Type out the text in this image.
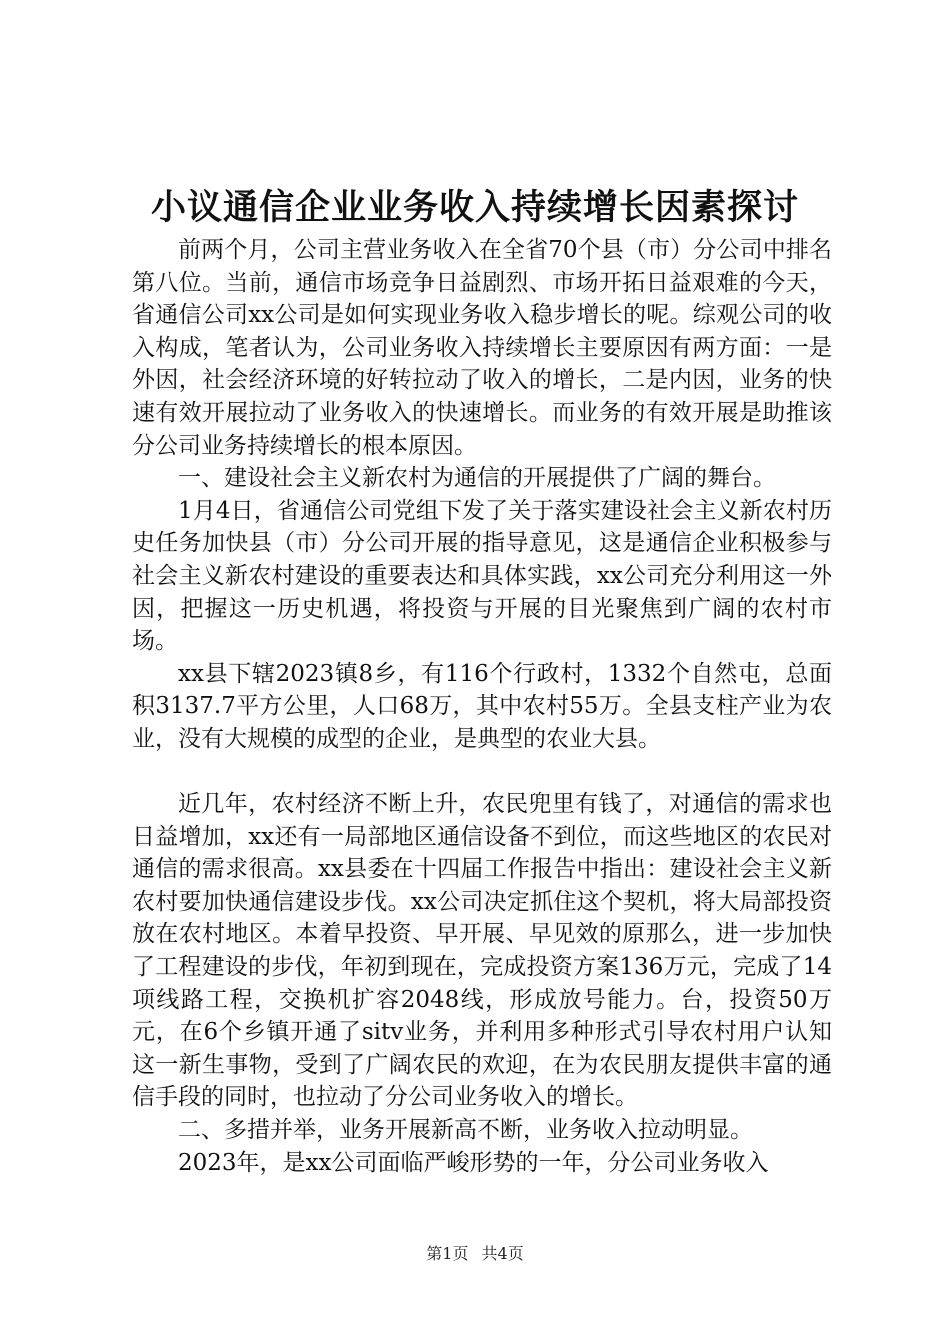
小议通信企业业务收入持续增长因素探讨

前两个月，公司主营业务收入在全省70个县（市）分公司中排名第八位。当前，通信市场竞争日益剧烈、市场开拓日益艰难的今天，省通信公司xx公司是如何实现业务收入稳步增长的呢。综观公司的收入构成，笔者认为，公司业务收入持续增长主要原因有两方面：一是外因，社会经济环境的好转拉动了收入的增长，二是内因，业务的快速有效开展拉动了业务收入的快速增长。而业务的有效开展是助推该分公司业务持续增长的根本原因。

一、建设社会主义新农村为通信的开展提供了广阔的舞台。

1月4日，省通信公司党组下发了关于落实建设社会主义新农村历史任务加快县（市）分公司开展的指导意见，这是通信企业积极参与社会主义新农村建设的重要表达和具体实践，xx公司充分利用这一外因，把握这一历史机遇，将投资与开展的目光聚焦到广阔的农村市场。

xx县下辖2023镇8乡，有116个行政村，1332个自然屯，总面积3137.7平方公里，人口68万，其中农村55万。全县支柱产业为农业，没有大规模的成型的企业，是典型的农业大县。

近几年，农村经济不断上升，农民兜里有钱了，对通信的需求也日益增加，xx还有一局部地区通信设备不到位，而这些地区的农民对通信的需求很高。xx县委在十四届工作报告中指出：建设社会主义新农村要加快通信建设步伐。xx公司决定抓住这个契机，将大局部投资放在农村地区。本着早投资、早开展、早见效的原那么，进一步加快了工程建设的步伐，年初到现在，完成投资方案136万元，完成了14项线路工程，交换机扩容2048线，形成放号能力。台，投资50万元，在6个乡镇开通了sitv业务，并利用多种形式引导农村用户认知这一新生事物，受到了广阔农民的欢迎，在为农民朋友提供丰富的通信手段的同时，也拉动了分公司业务收入的增长。

二、多措并举，业务开展新高不断，业务收入拉动明显。

2023年，是xx公司面临严峻形势的一年，分公司业务收入

第1页 共4页
